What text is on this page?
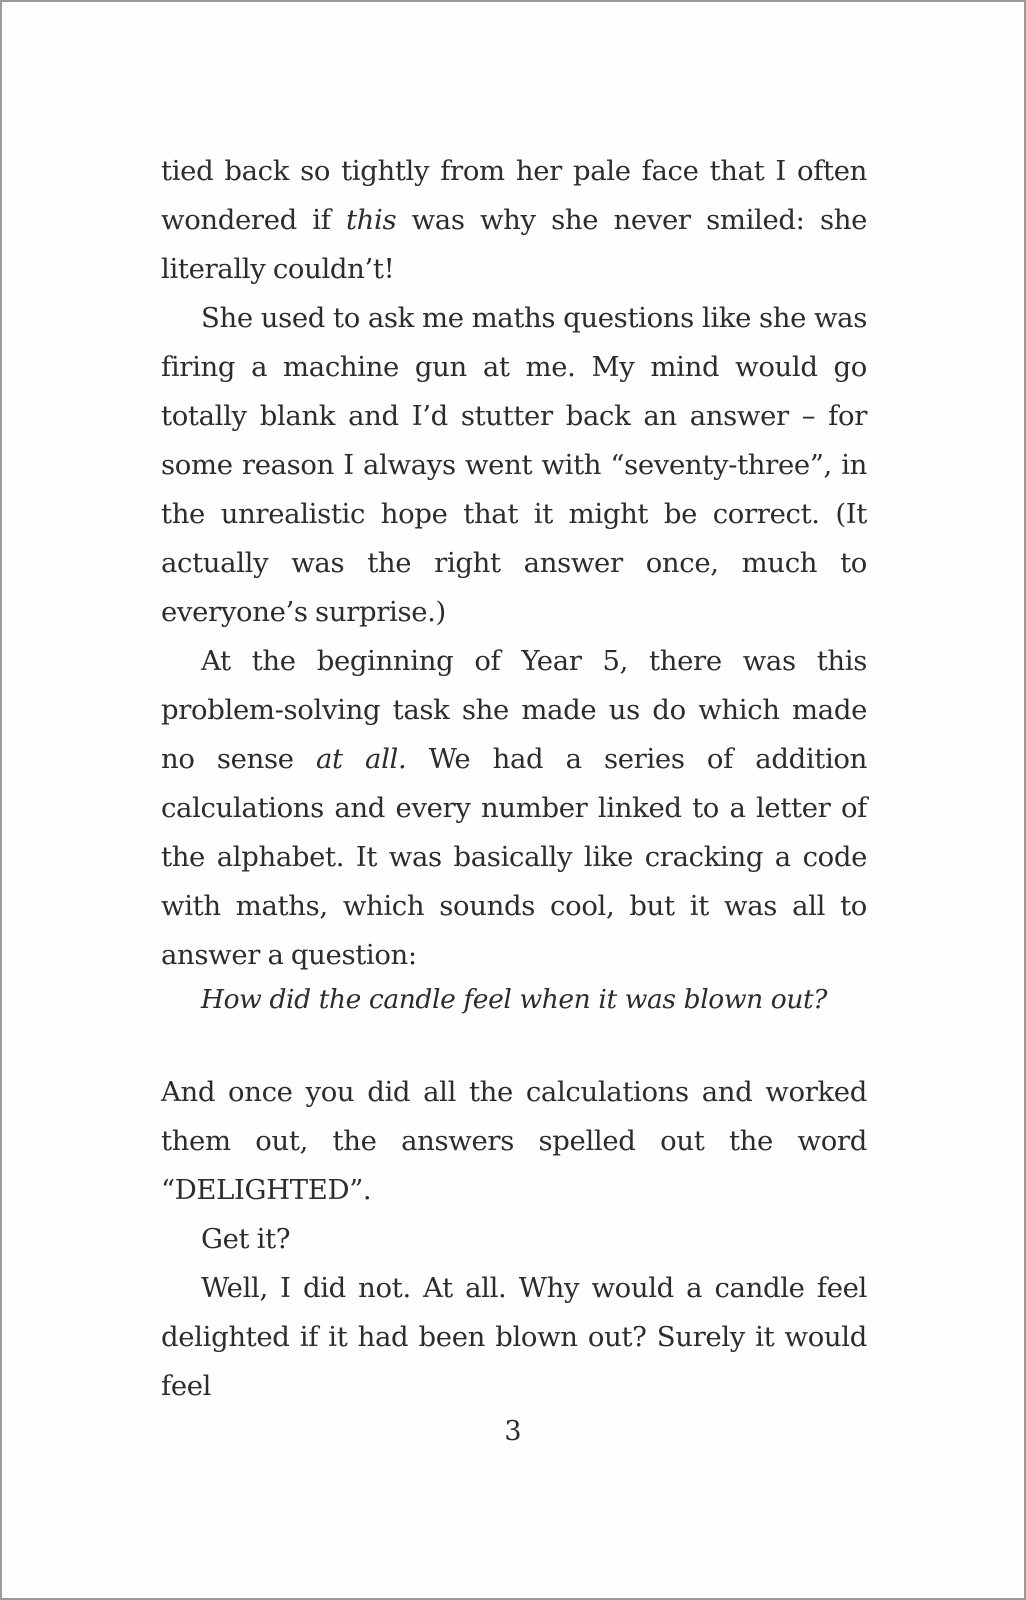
tied back so tightly from her pale face that I often wondered if this was why she never smiled: she literally couldn’t!

She used to ask me maths questions like she was firing a machine gun at me. My mind would go totally blank and I’d stutter back an answer – for some reason I always went with “seventy-three”, in the unrealistic hope that it might be correct. (It actually was the right answer once, much to everyone’s surprise.)

At the beginning of Year 5, there was this problem-solving task she made us do which made no sense at all. We had a series of addition calculations and every number linked to a letter of the alphabet. It was basically like cracking a code with maths, which sounds cool, but it was all to answer a question:

How did the candle feel when it was blown out?

And once you did all the calculations and worked them out, the answers spelled out the word “DELIGHTED”.

Get it?

Well, I did not. At all. Why would a candle feel delighted if it had been blown out? Surely it would feel

3
